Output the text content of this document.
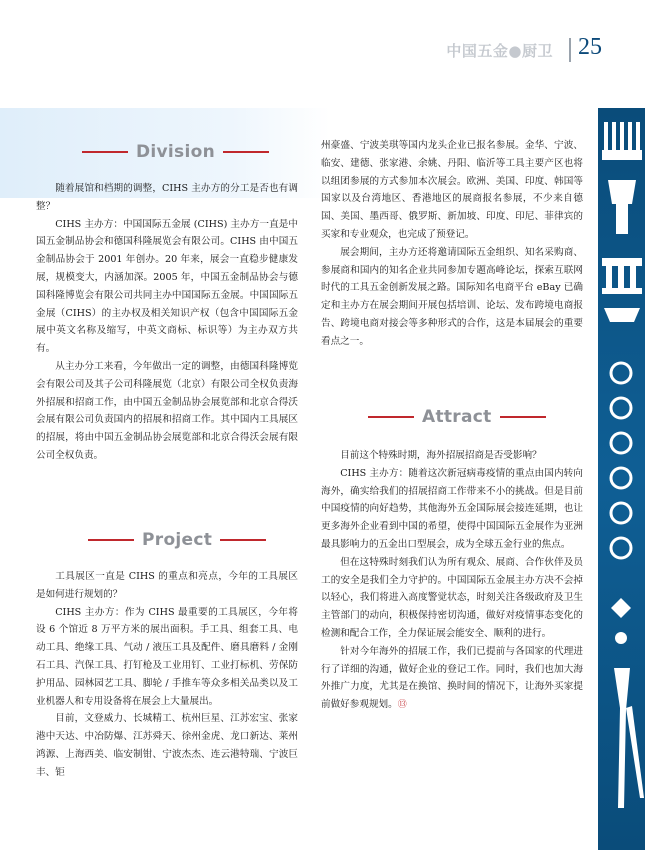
中国五金●厨卫 25
Division

随着展馆和档期的调整，CIHS 主办方的分工是否也有调整？

CIHS 主办方：中国国际五金展 (CIHS) 主办方一直是中国五金制品协会和德国科隆展览会有限公司。CIHS 由中国五金制品协会于 2001 年创办。20 年来，展会一直稳步健康发展，规模变大，内涵加深。2005 年，中国五金制品协会与德国科隆博览会有限公司共同主办中国国际五金展。中国国际五金展（CIHS）的主办权及相关知识产权（包含中国国际五金展中英文名称及缩写，中英文商标、标识等）为主办双方共有。

从主办分工来看，今年做出一定的调整，由德国科隆博览会有限公司及其子公司科隆展览（北京）有限公司全权负责海外招展和招商工作，由中国五金制品协会展览部和北京合得沃会展有限公司负责国内的招展和招商工作。其中国内工具展区的招展，将由中国五金制品协会展览部和北京合得沃会展有限公司全权负责。

Project

工具展区一直是 CIHS 的重点和亮点，今年的工具展区是如何进行规划的？

CIHS 主办方：作为 CIHS 最重要的工具展区，今年将设 6 个馆近 8 万平方米的展出面积。手工具、组套工具、电动工具、绝缘工具、气动 / 液压工具及配件、磨具磨料 / 金刚石工具、汽保工具、打钉枪及工业用钉、工业打标机、劳保防护用品、园林园艺工具、脚轮 / 手推车等众多相关品类以及工业机器人和专用设备将在展会上大量展出。

目前，文登威力、长城精工、杭州巨星、江苏宏宝、张家港中天达、中冶防爆、江苏舜天、徐州金虎、龙口新达、莱州鸿源、上海西美、临安制钳、宁波杰杰、连云港特瑞、宁波巨丰、钜

州豪盛、宁波美琪等国内龙头企业已报名参展。金华、宁波、临安、建德、张家港、余姚、丹阳、临沂等工具主要产区也将以组团参展的方式参加本次展会。欧洲、美国、印度、韩国等国家以及台湾地区、香港地区的展商报名参展，不少来自德国、美国、墨西哥、俄罗斯、新加坡、印度、印尼、菲律宾的买家和专业观众，也完成了预登记。

展会期间，主办方还将邀请国际五金组织、知名采购商、参展商和国内的知名企业共同参加专题高峰论坛，探索互联网时代的工具五金创新发展之路。国际知名电商平台 eBay 已确定和主办方在展会期间开展包括培训、论坛、发布跨境电商报告、跨境电商对接会等多种形式的合作，这是本届展会的重要看点之一。

Attract

目前这个特殊时期，海外招展招商是否受影响？

CIHS 主办方：随着这次新冠病毒疫情的重点由国内转向海外，确实给我们的招展招商工作带来不小的挑战。但是目前中国疫情的向好趋势，其他海外五金国际展会接连延期，也让更多海外企业看到中国的希望，使得中国国际五金展作为亚洲最具影响力的五金出口型展会，成为全球五金行业的焦点。

但在这特殊时刻我们认为所有观众、展商、合作伙伴及员工的安全是我们全力守护的。中国国际五金展主办方决不会掉以轻心，我们将进入高度警觉状态，时刻关注各级政府及卫生主管部门的动向，积极保持密切沟通，做好对疫情事态变化的检测和配合工作，全力保证展会能安全、顺利的进行。

针对今年海外的招展工作，我们已提前与各国家的代理进行了详细的沟通，做好企业的登记工作。同时，我们也加大海外推广力度，尤其是在换馆、换时间的情况下，让海外买家提前做好参观规划。⑬
